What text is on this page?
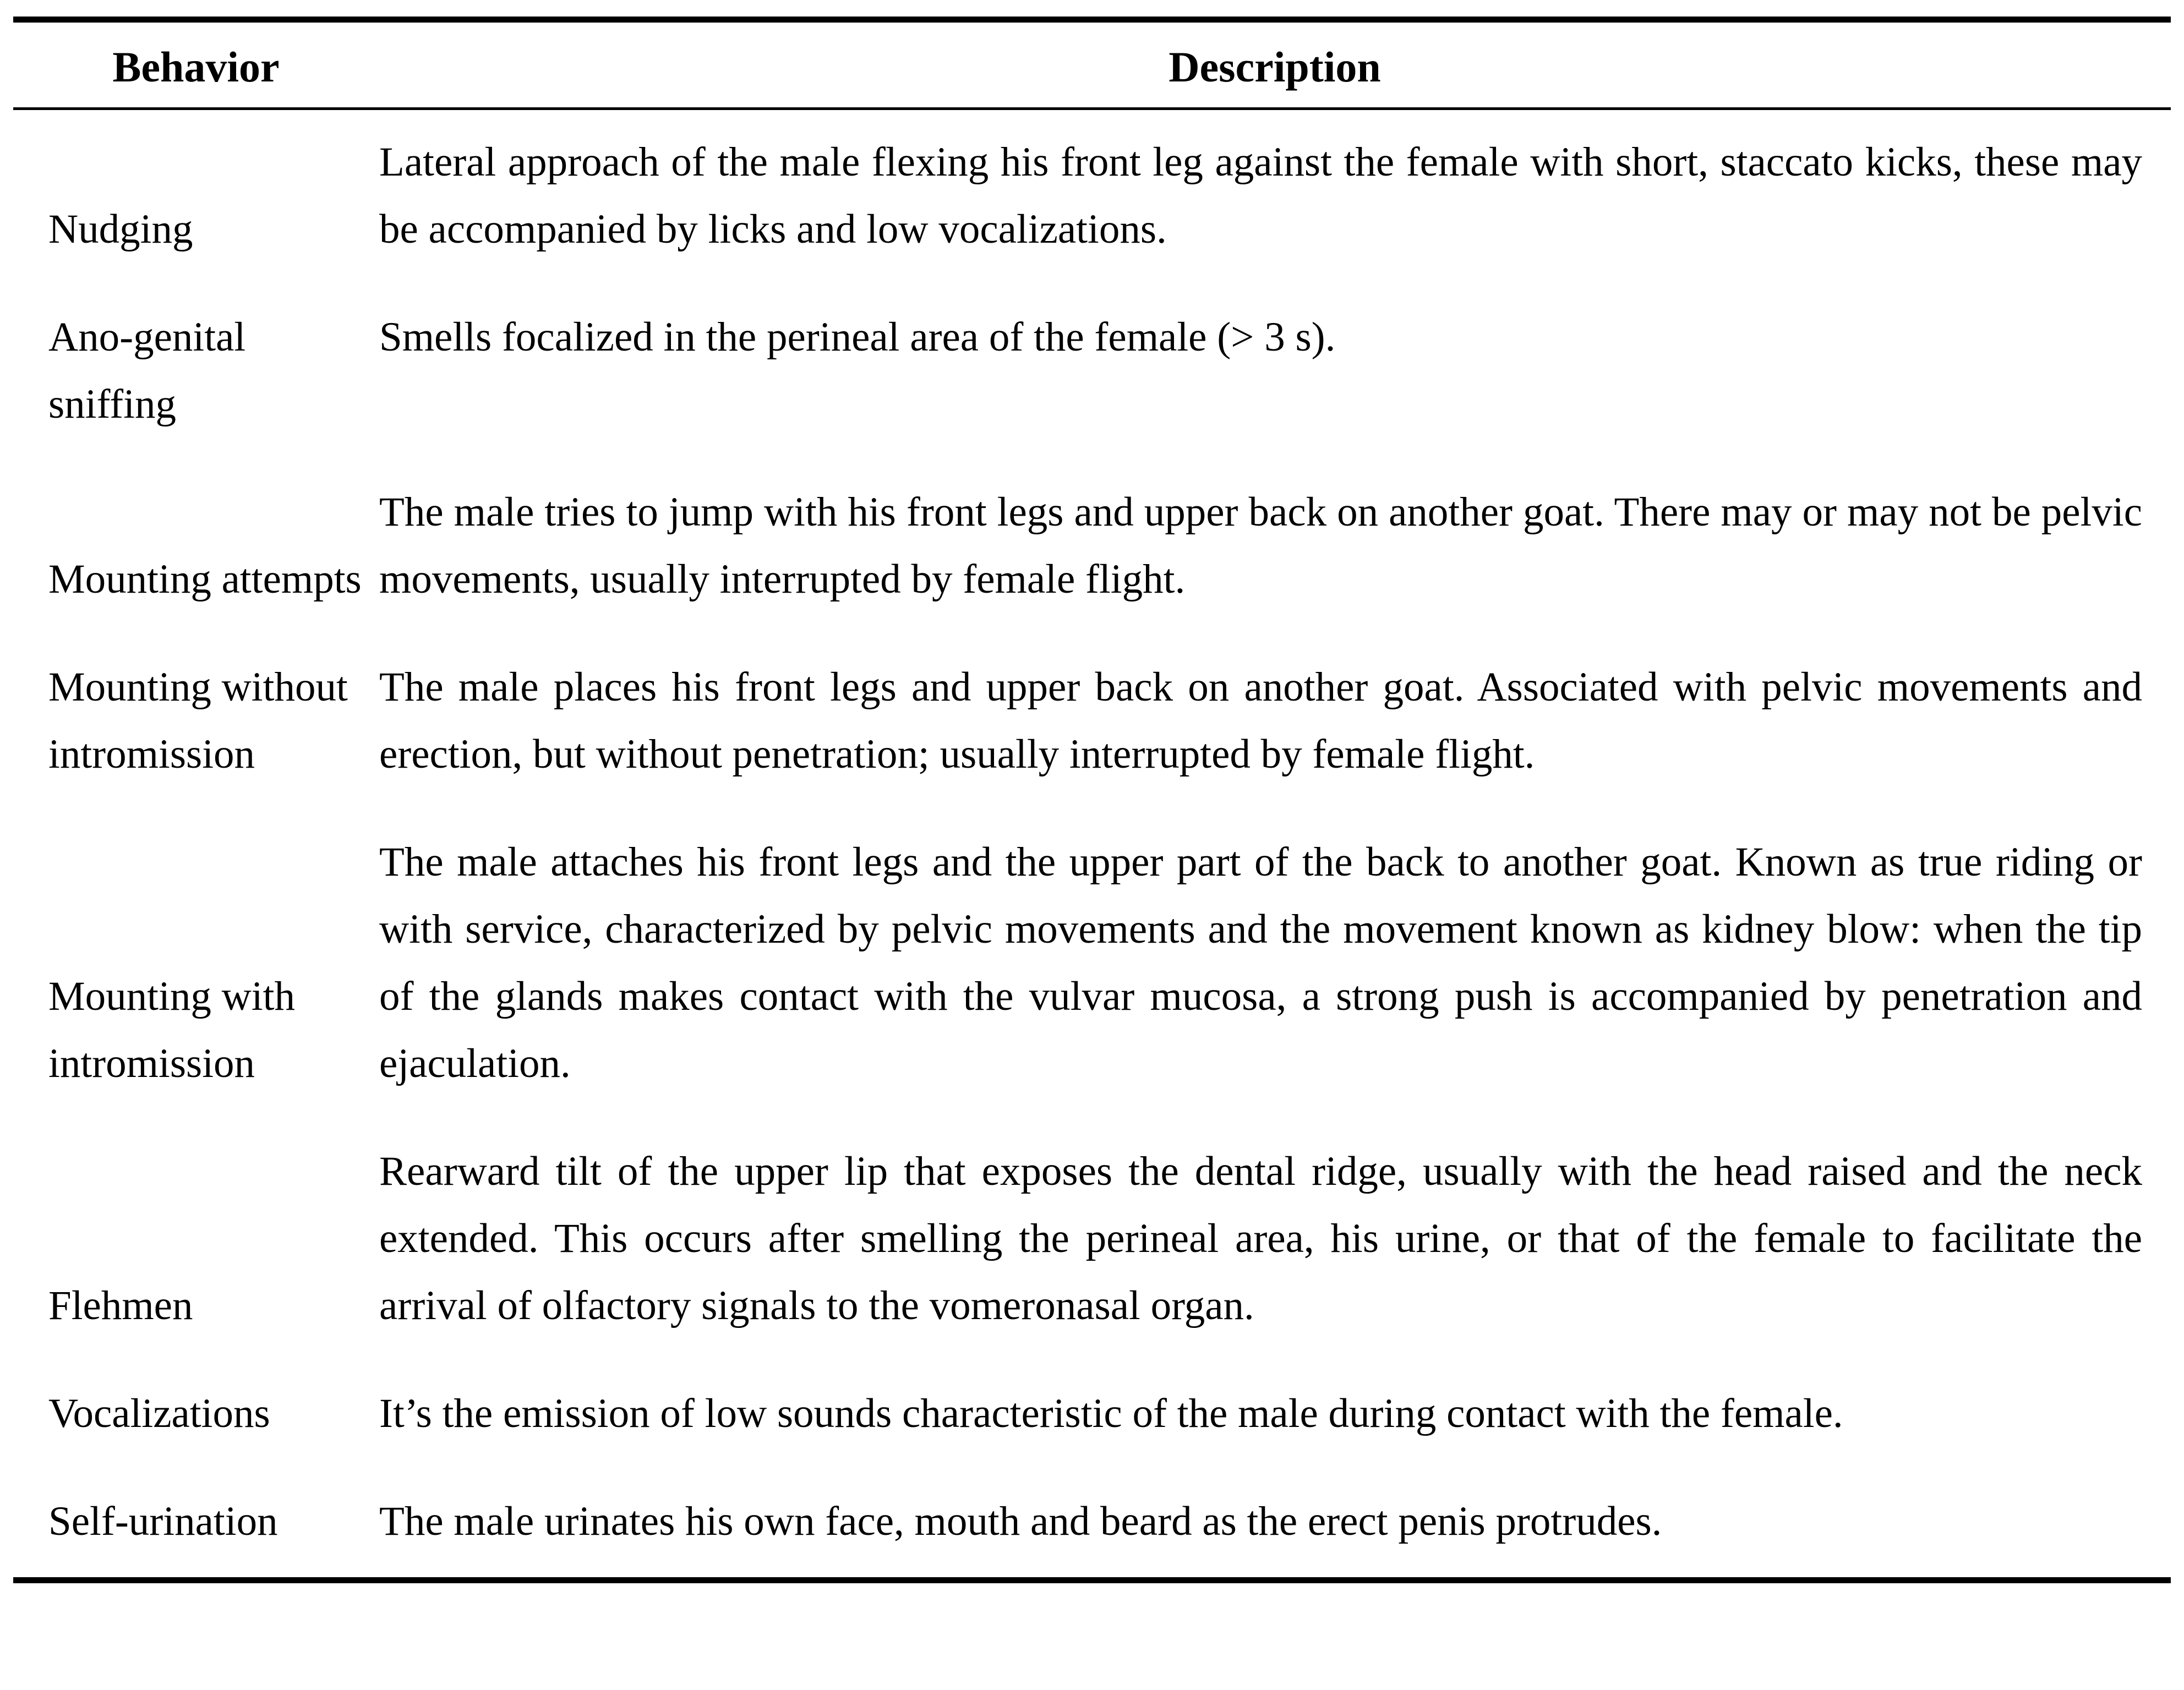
Behavior	Description
Nudging	Lateral approach of the male flexing his front leg against the female with short, staccato kicks, these may be accompanied by licks and low vocalizations.
Ano-genital sniffing	Smells focalized in the perineal area of the female (> 3 s).
Mounting attempts	The male tries to jump with his front legs and upper back on another goat. There may or may not be pelvic movements, usually interrupted by female flight.
Mounting without intromission	The male places his front legs and upper back on another goat. Associated with pelvic movements and erection, but without penetration; usually interrupted by female flight.
Mounting with intromission	The male attaches his front legs and the upper part of the back to another goat. Known as true riding or with service, characterized by pelvic movements and the movement known as kidney blow: when the tip of the glands makes contact with the vulvar mucosa, a strong push is accompanied by penetration and ejaculation.
Flehmen	Rearward tilt of the upper lip that exposes the dental ridge, usually with the head raised and the neck extended. This occurs after smelling the perineal area, his urine, or that of the female to facilitate the arrival of olfactory signals to the vomeronasal organ.
Vocalizations	It’s the emission of low sounds characteristic of the male during contact with the female.
Self-urination	The male urinates his own face, mouth and beard as the erect penis protrudes.
